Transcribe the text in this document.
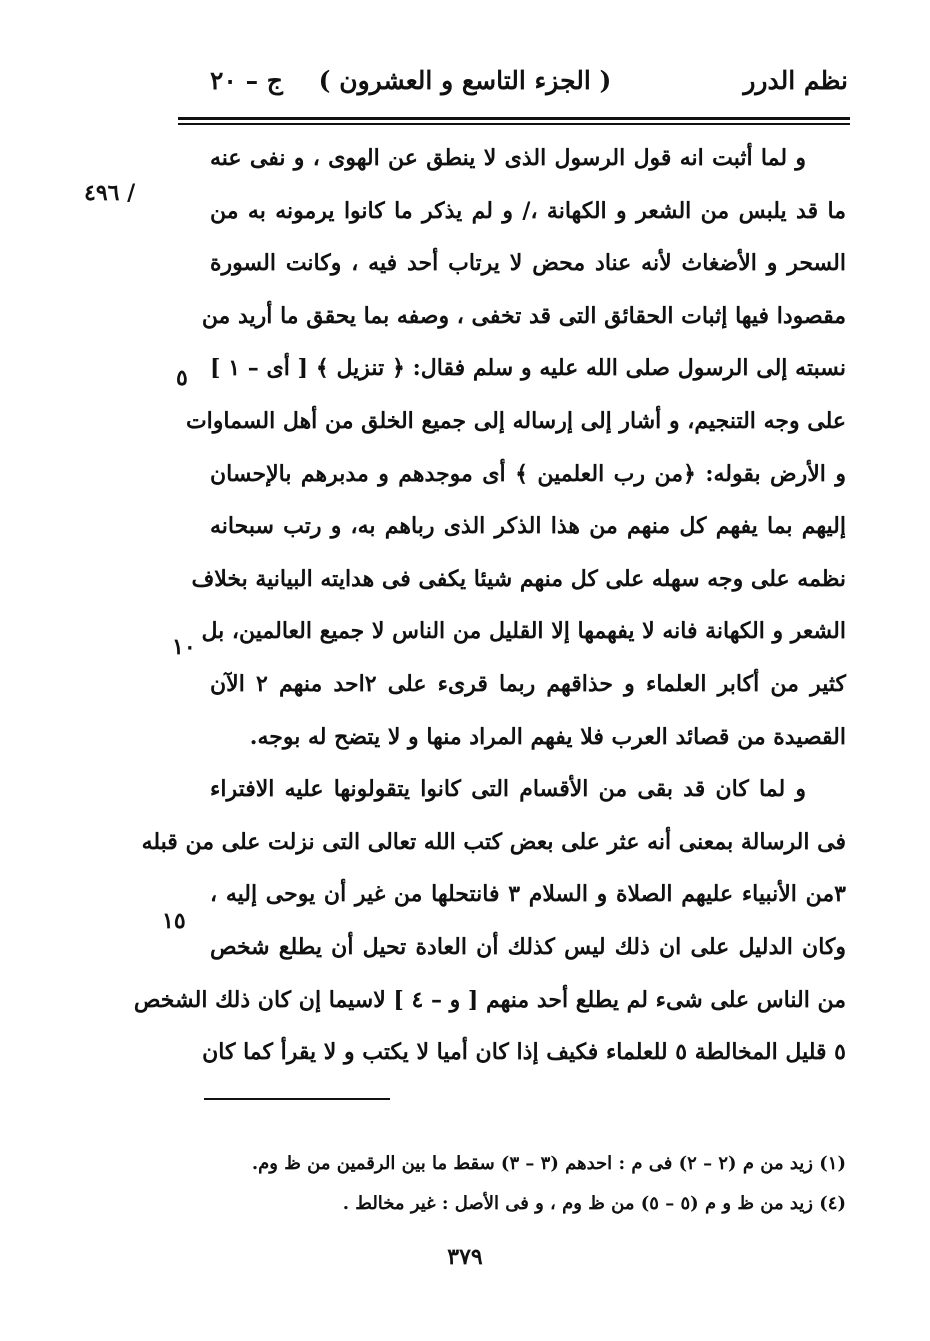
نظم الدرر
( الجزء التاسع و العشرون )
ج – ٢٠
/ ٤٩٦
٥
١٠
١٥
و لما أثبت انه قول الرسول الذى لا ينطق عن الهوى ، و نفى عنه
ما قد يلبس من الشعر و الكهانة ،/ و لم يذكر ما كانوا يرمونه به من
السحر و الأضغاث لأنه عناد محض لا يرتاب أحد فيه ، وكانت السورة
مقصودا فيها إثبات الحقائق التى قد تخفى ، وصفه بما يحقق ما أريد من
نسبته إلى الرسول صلى الله عليه و سلم فقال: ﴿ تنزيل ﴾ [ أى – ١ ]
على وجه التنجيم، و أشار إلى إرساله إلى جميع الخلق من أهل السماوات
و الأرض بقوله: ﴿من رب العلمين ﴾ أى موجدهم و مدبرهم بالإحسان
إليهم بما يفهم كل منهم من هذا الذكر الذى رباهم به، و رتب سبحانه
نظمه على وجه سهله على كل منهم شيئا يكفى فى هدايته البيانية بخلاف
الشعر و الكهانة فانه لا يفهمها إلا القليل من الناس لا جميع العالمين، بل
كثير من أكابر العلماء و حذاقهم ربما قرىء على ٢احد منهم ٢ الآن
القصيدة من قصائد العرب فلا يفهم المراد منها و لا يتضح له بوجه.
و لما كان قد بقى من الأقسام التى كانوا يتقولونها عليه الافتراء
فى الرسالة بمعنى أنه عثر على بعض كتب الله تعالى التى نزلت على من قبله
٣من الأنبياء عليهم الصلاة و السلام ٣ فانتحلها من غير أن يوحى إليه ،
وكان الدليل على ان ذلك ليس كذلك أن العادة تحيل أن يطلع شخص
من الناس على شىء لم يطلع أحد منهم [ و – ٤ ] لاسيما إن كان ذلك الشخص
٥ قليل المخالطة ٥ للعلماء فكيف إذا كان أميا لا يكتب و لا يقرأ كما كان
(١) زيد من م (٢ – ٢) فى م : احدهم (٣ – ٣) سقط ما بين الرقمين من ظ وم.
(٤) زيد من ظ و م (٥ – ٥) من ظ وم ، و فى الأصل : غير مخالط .
٣٧٩
